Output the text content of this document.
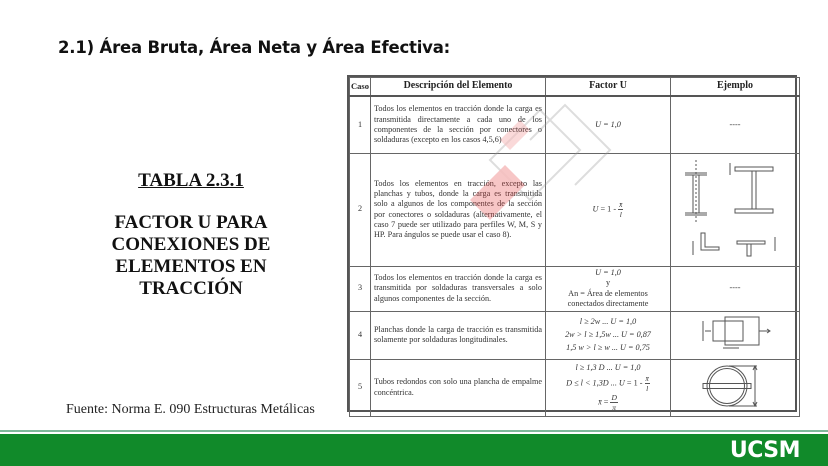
2.1) Área Bruta, Área Neta y Área Efectiva:
TABLA 2.3.1
FACTOR U PARA
CONEXIONES DE
ELEMENTOS EN
TRACCIÓN
Fuente: Norma E. 090 Estructuras Metálicas
Caso	Descripción del Elemento	Factor U	Ejemplo
1	Todos los elementos en tracción donde la carga es transmitida directamente a cada uno de los componentes de la sección por conectores o soldaduras (excepto en los casos 4,5,6)	U = 1,0	----
2	Todos los elementos en tracción, excepto las planchas y tubos, donde la carga es transmitida solo a algunos de los componentes de la sección por conectores o soldaduras (alternativamente, el caso 7 puede ser utilizado para perfiles W, M, S y HP. Para ángulos se puede usar el caso 8).	$U = 1 - \frac{x̄}{l}$

3	Todos los elementos en tracción donde la carga es transmitida por soldaduras transversales a solo algunos componentes de la sección.	U = 1,0
y
An = Área de elementos conectados directamente	----
4	Planchas donde la carga de tracción es transmitida solamente por soldaduras longitudinales.	l ≥ 2w ... U = 1,0
2w > l ≥ 1,5w ... U = 0,87
1,5 w > l ≥ w ... U = 0,75

5	Tubos redondos con solo una plancha de empalme concéntrica.	
l ≥ 1,3 D ... U = 1,0
D ≤ l < 1,3D ... $U = 1 - \frac{x̄}{l}$
x̄ = $\frac{D}{\pi}$

UCSM
